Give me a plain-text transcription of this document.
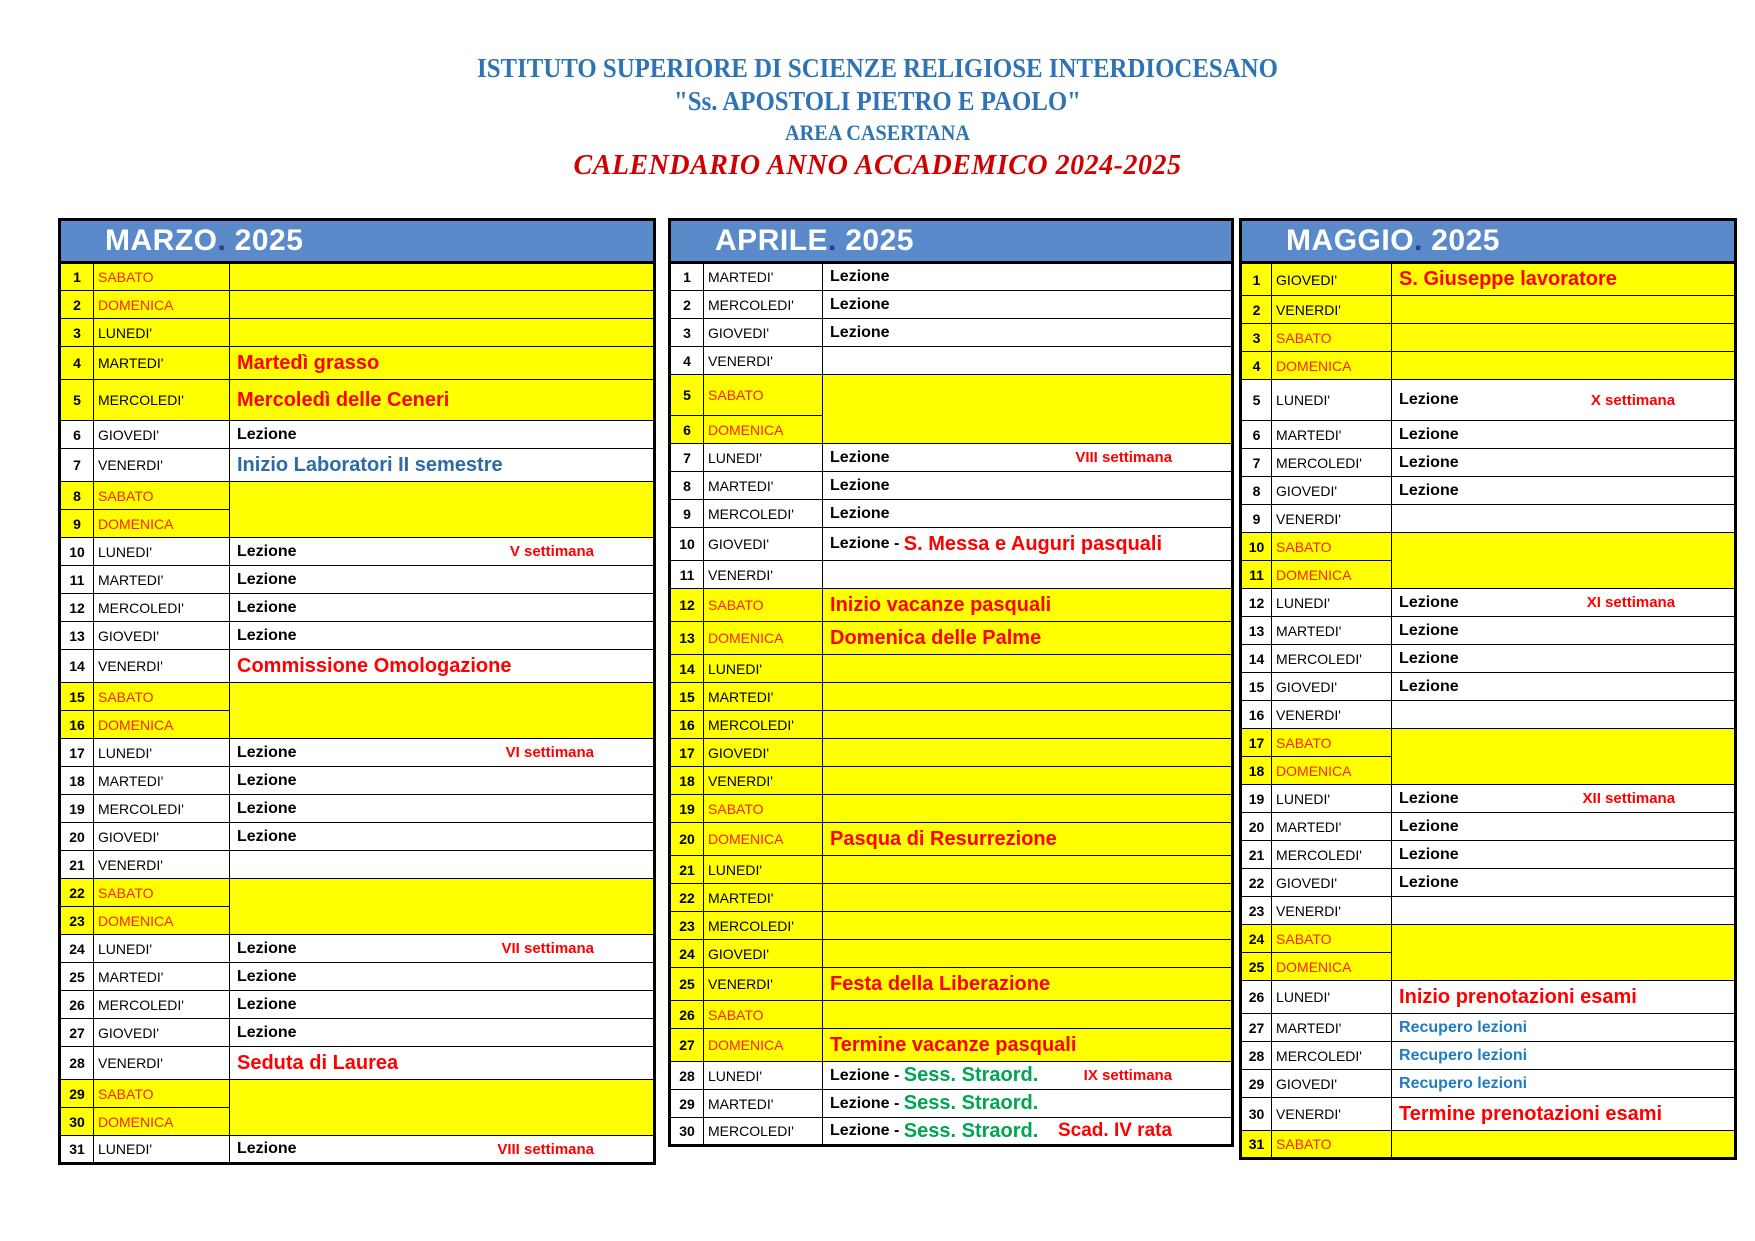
ISTITUTO SUPERIORE DI SCIENZE RELIGIOSE INTERDIOCESANO
"Ss. APOSTOLI PIETRO E PAOLO"
AREA CASERTANA
CALENDARIO ANNO ACCADEMICO 2024-2025
MARZO. 2025		
1	SABATO	

2	DOMENICA	

3	LUNEDI'	

4	MARTEDI'	Martedì grasso

5	MERCOLEDI'	Mercoledì delle Ceneri

6	GIOVEDI'	Lezione

7	VENERDI'	Inizio Laboratori II semestre

8	SABATO	

9	DOMENICA	
10	LUNEDI'	Lezione V settimana

11	MARTEDI'	Lezione

12	MERCOLEDI'	Lezione

13	GIOVEDI'	Lezione

14	VENERDI'	Commissione Omologazione

15	SABATO	

16	DOMENICA	
17	LUNEDI'	Lezione VI settimana

18	MARTEDI'	Lezione

19	MERCOLEDI'	Lezione

20	GIOVEDI'	Lezione

21	VENERDI'	

22	SABATO	

23	DOMENICA	
24	LUNEDI'	Lezione VII settimana

25	MARTEDI'	Lezione

26	MERCOLEDI'	Lezione

27	GIOVEDI'	Lezione

28	VENERDI'	Seduta di Laurea

29	SABATO	

30	DOMENICA	
31	LUNEDI'	Lezione VIII settimana
APRILE. 2025		
1	MARTEDI'	Lezione

2	MERCOLEDI'	Lezione

3	GIOVEDI'	Lezione

4	VENERDI'	

5	SABATO	

6	DOMENICA	
7	LUNEDI'	Lezione VIII settimana

8	MARTEDI'	Lezione

9	MERCOLEDI'	Lezione

10	GIOVEDI'	Lezione - S. Messa e Auguri pasquali

11	VENERDI'	

12	SABATO	Inizio vacanze pasquali

13	DOMENICA	Domenica delle Palme

14	LUNEDI'	

15	MARTEDI'	

16	MERCOLEDI'	

17	GIOVEDI'	

18	VENERDI'	

19	SABATO	

20	DOMENICA	Pasqua di Resurrezione

21	LUNEDI'	

22	MARTEDI'	

23	MERCOLEDI'	

24	GIOVEDI'	

25	VENERDI'	Festa della Liberazione

26	SABATO	

27	DOMENICA	Termine vacanze pasquali

28	LUNEDI'	Lezione - Sess. Straord. IX settimana

29	MARTEDI'	Lezione - Sess. Straord.

30	MERCOLEDI'	Lezione - Sess. Straord. Scad. IV rata
MAGGIO. 2025		
1	GIOVEDI'	S. Giuseppe lavoratore

2	VENERDI'	

3	SABATO	

4	DOMENICA	

5	LUNEDI'	Lezione X settimana

6	MARTEDI'	Lezione

7	MERCOLEDI'	Lezione

8	GIOVEDI'	Lezione

9	VENERDI'	

10	SABATO	

11	DOMENICA	
12	LUNEDI'	Lezione XI settimana

13	MARTEDI'	Lezione

14	MERCOLEDI'	Lezione

15	GIOVEDI'	Lezione

16	VENERDI'	

17	SABATO	

18	DOMENICA	
19	LUNEDI'	Lezione XII settimana

20	MARTEDI'	Lezione

21	MERCOLEDI'	Lezione

22	GIOVEDI'	Lezione

23	VENERDI'	

24	SABATO	

25	DOMENICA	
26	LUNEDI'	Inizio prenotazioni esami

27	MARTEDI'	Recupero lezioni

28	MERCOLEDI'	Recupero lezioni

29	GIOVEDI'	Recupero lezioni

30	VENERDI'	Termine prenotazioni esami

31	SABATO	
